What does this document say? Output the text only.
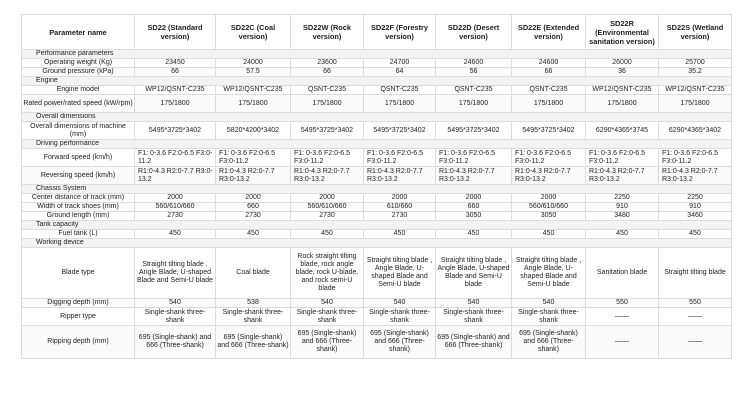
Parameter name	SD22 (Standard version)	SD22C (Coal version)	SD22W (Rock version)	SD22F (Forestry version)	SD22D (Desert version)	SD22E (Extended version)	SD22R (Environmental sanitation version)	SD22S (Wetland version)
Performance parameters								
Operating weight (Kg)	23450	24000	23600	24700	24600	24600	26000	25700
Ground pressure (kPa)	66	57.5	66	64	56	66	36	35.2
Engine								
Engine model	WP12/QSNT-C235	WP12/QSNT-C235	QSNT-C235	QSNT-C235	QSNT-C235	QSNT-C235	WP12/QSNT-C235	WP12/QSNT-C235
Rated power/rated speed (kW/rpm)	175/1800	175/1800	175/1800	175/1800	175/1800	175/1800	175/1800	175/1800
Overall dimensions								
Overall dimensions of machine (mm)	5495*3725*3402	5820*4200*3402	5495*3725*3402	5495*3725*3402	5495*3725*3402	5495*3725*3402	6290*4365*3745	6290*4365*3402
Driving performance								
Forward speed (km/h)	F1: 0-3.6 F2:0-6.5 F3:0-11.2	F1: 0-3.6 F2:0-6.5 F3:0-11.2	F1: 0-3.6 F2:0-6.5 F3:0-11.2	F1: 0-3.6 F2:0-6.5 F3:0-11.2	F1: 0-3.6 F2:0-6.5 F3:0-11.2	F1: 0-3.6 F2:0-6.5 F3:0-11.2	F1: 0-3.6 F2:0-6.5 F3:0-11.2	F1: 0-3.6 F2:0-6.5 F3:0-11.2
Reversing speed (km/h)	R1:0-4.3 R2:0-7.7 R3:0-13.2	R1:0-4.3 R2:0-7.7 R3:0-13.2	R1:0-4.3 R2:0-7.7 R3:0-13.2	R1:0-4.3 R2:0-7.7 R3:0-13.2	R1:0-4.3 R2:0-7.7 R3:0-13.2	R1:0-4.3 R2:0-7.7 R3:0-13.2	R1:0-4.3 R2:0-7.7 R3:0-13.2	R1:0-4.3 R2:0-7.7 R3:0-13.2
Chassis System								
Center distance of track (mm)	2000	2000	2000	2000	2000	2000	2250	2250
Width of track shoes (mm)	560/610/660	660	560/610/660	610/660	660	560/610/660	910	910
Ground length (mm)	2730	2730	2730	2730	3050	3050	3480	3460
Tank capacity								
Fuel tank (L)	450	450	450	450	450	450	450	450
Working device								
Blade type	Straight tilting blade , Angle Blade, U-shaped Blade and Semi-U blade	Coal blade	Rock straight tilting blade, rock angle blade, rock U-blade, and rock semi-U blade	Straight tilting blade , Angle Blade, U-shaped Blade and Semi-U blade	Straight tilting blade , Angle Blade, U-shaped Blade and Semi-U blade	Straight tilting blade , Angle Blade, U-shaped Blade and Semi-U blade	Sanitation blade	Straight tilting blade
Digging depth (mm)	540	538	540	540	540	540	550	550
Ripper type	Single-shank three-shank	Single-shank three-shank	Single-shank three-shank	Single-shank three-shank	Single-shank three-shank	Single-shank three-shank	——	——
Ripping depth (mm)	695 (Single-shank) and 666 (Three-shank)	695 (Single-shank) and 666 (Three-shank)	695 (Single-shank) and 666 (Three-shank)	695 (Single-shank) and 666 (Three-shank)	695 (Single-shank) and 666 (Three-shank)	695 (Single-shank) and 666 (Three-shank)	——	——
